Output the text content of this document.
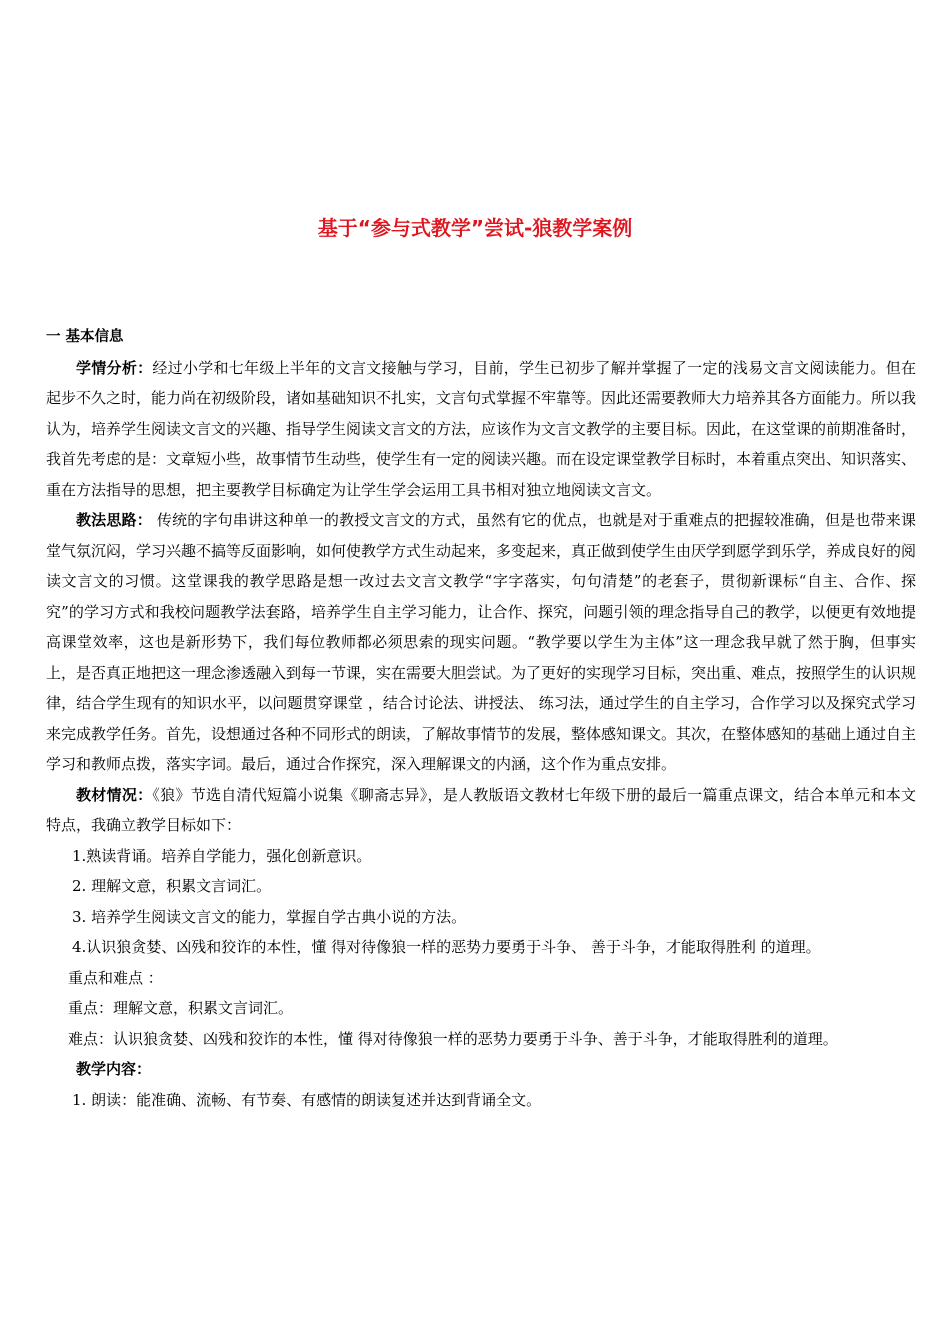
基于“参与式教学”尝试-狼教学案例

一 基本信息

学情分析：经过小学和七年级上半年的文言文接触与学习，目前，学生已初步了解并掌握了一定的浅易文言文阅读能力。但在起步不久之时，能力尚在初级阶段，诸如基础知识不扎实，文言句式掌握不牢靠等。因此还需要教师大力培养其各方面能力。所以我认为，培养学生阅读文言文的兴趣、指导学生阅读文言文的方法，应该作为文言文教学的主要目标。因此，在这堂课的前期准备时，我首先考虑的是：文章短小些，故事情节生动些，使学生有一定的阅读兴趣。而在设定课堂教学目标时，本着重点突出、知识落实、重在方法指导的思想，把主要教学目标确定为让学生学会运用工具书相对独立地阅读文言文。

教法思路： 传统的字句串讲这种单一的教授文言文的方式，虽然有它的优点，也就是对于重难点的把握较准确，但是也带来课堂气氛沉闷，学习兴趣不搞等反面影响，如何使教学方式生动起来，多变起来，真正做到使学生由厌学到愿学到乐学，养成良好的阅读文言文的习惯。这堂课我的教学思路是想一改过去文言文教学“字字落实，句句清楚”的老套子，贯彻新课标“自主、合作、探究”的学习方式和我校问题教学法套路，培养学生自主学习能力，让合作、探究，问题引领的理念指导自己的教学，以便更有效地提高课堂效率，这也是新形势下，我们每位教师都必须思索的现实问题。“教学要以学生为主体”这一理念我早就了然于胸，但事实上，是否真正地把这一理念渗透融入到每一节课，实在需要大胆尝试。为了更好的实现学习目标，突出重、难点，按照学生的认识规律，结合学生现有的知识水平，以问题贯穿课堂 ，结合讨论法、讲授法、 练习法，通过学生的自主学习，合作学习以及探究式学习来完成教学任务。首先，设想通过各种不同形式的朗读，了解故事情节的发展，整体感知课文。其次，在整体感知的基础上通过自主学习和教师点拨，落实字词。最后，通过合作探究，深入理解课文的内涵，这个作为重点安排。

教材情况：《狼》节选自清代短篇小说集《聊斋志异》，是人教版语文教材七年级下册的最后一篇重点课文，结合本单元和本文特点，我确立教学目标如下：

1.熟读背诵。培养自学能力，强化创新意识。

2. 理解文意，积累文言词汇。

3. 培养学生阅读文言文的能力，掌握自学古典小说的方法。

4.认识狼贪婪、凶残和狡诈的本性，懂 得对待像狼一样的恶势力要勇于斗争、 善于斗争，才能取得胜利 的道理。

重点和难点 ：

重点：理解文意，积累文言词汇。

难点：认识狼贪婪、凶残和狡诈的本性，懂 得对待像狼一样的恶势力要勇于斗争、善于斗争，才能取得胜利的道理。

教学内容：

1. 朗读：能准确、流畅、有节奏、有感情的朗读复述并达到背诵全文。
